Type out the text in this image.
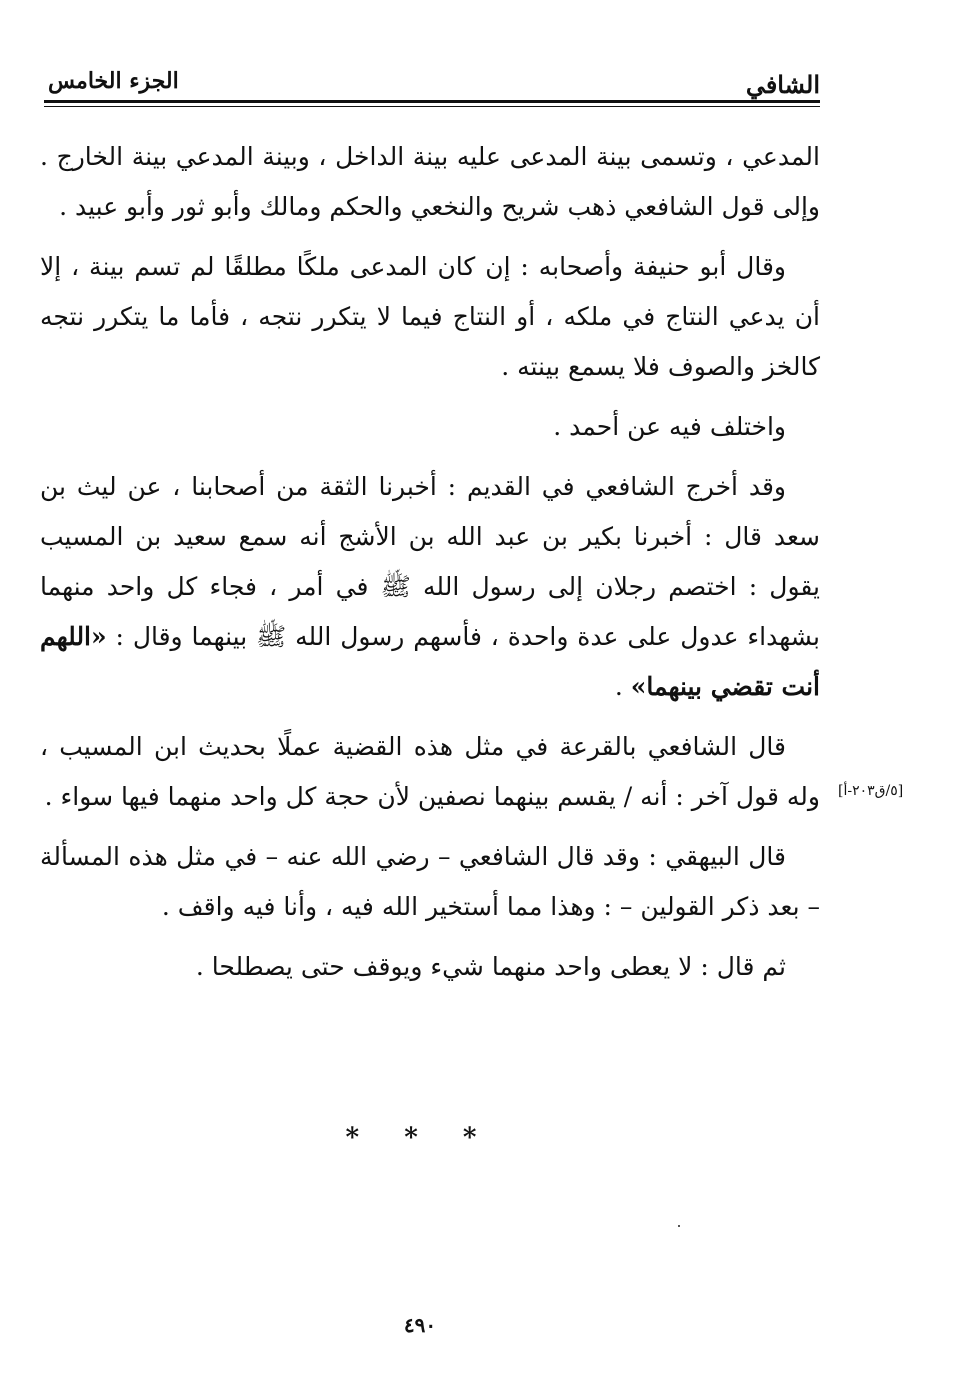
الشافي
الجزء الخامس

المدعي ، وتسمى بينة المدعى عليه بينة الداخل ، وبينة المدعي بينة الخارج . وإلى قول الشافعي ذهب شريح والنخعي والحكم ومالك وأبو ثور وأبو عبيد .

وقال أبو حنيفة وأصحابه : إن كان المدعى ملكًا مطلقًا لم تسم بينة ، إلا أن يدعي النتاج في ملكه ، أو النتاج فيما لا يتكرر نتجه ، فأما ما يتكرر نتجه كالخز والصوف فلا يسمع بينته .

واختلف فيه عن أحمد .

وقد أخرج الشافعي في القديم : أخبرنا الثقة من أصحابنا ، عن ليث بن سعد قال : أخبرنا بكير بن عبد الله بن الأشج أنه سمع سعيد بن المسيب يقول : اختصم رجلان إلى رسول الله ﷺ في أمر ، فجاء كل واحد منهما بشهداء عدول على عدة واحدة ، فأسهم رسول الله ﷺ بينهما وقال : «اللهم أنت تقضي بينهما» .

قال الشافعي بالقرعة في مثل هذه القضية عملًا بحديث ابن المسيب ، وله قول آخر : أنه / يقسم بينهما نصفين لأن حجة كل واحد منهما فيها سواء .

قال البيهقي : وقد قال الشافعي – رضي الله عنه – في مثل هذه المسألة – بعد ذكر القولين – : وهذا مما أستخير الله فيه ، وأنا فيه واقف .

ثم قال : لا يعطى واحد منهما شيء ويوقف حتى يصطلحا .

[٥/ق٢٠٣-أ]
* * *
٤٩٠
